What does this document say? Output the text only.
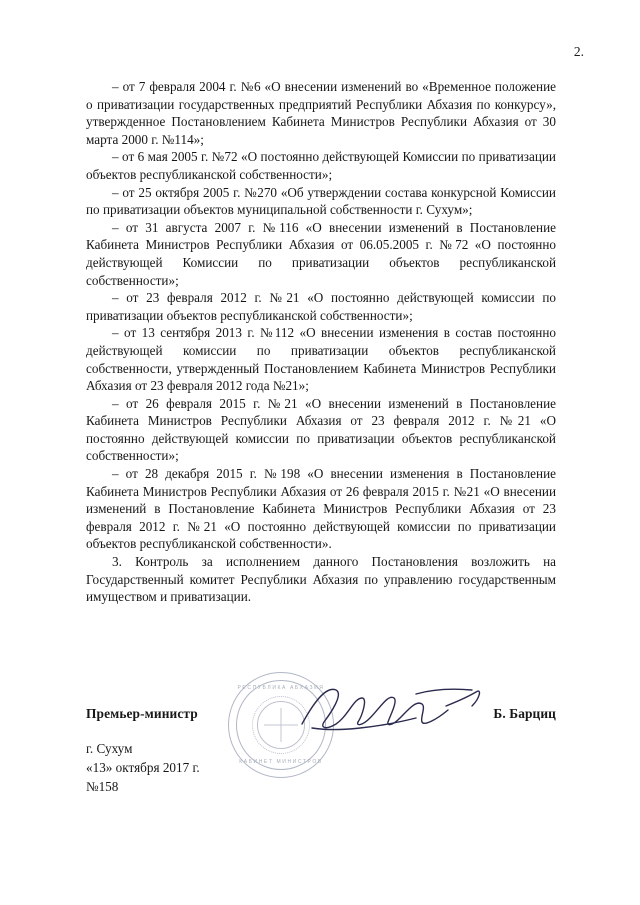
2.

– от 7 февраля 2004 г. №6 «О внесении изменений во «Временное положение о приватизации государственных предприятий Республики Абхазия по конкурсу», утвержденное Постановлением Кабинета Министров Республики Абхазия от 30 марта 2000 г. №114»;

– от 6 мая 2005 г. №72 «О постоянно действующей Комиссии по приватизации объектов республиканской собственности»;

– от 25 октября 2005 г. №270 «Об утверждении состава конкурсной Комиссии по приватизации объектов муниципальной собственности г. Сухум»;

– от 31 августа 2007 г. №116 «О внесении изменений в Постановление Кабинета Министров Республики Абхазия от 06.05.2005 г. №72 «О постоянно действующей Комиссии по приватизации объектов республиканской собственности»;

– от 23 февраля 2012 г. №21 «О постоянно действующей комиссии по приватизации объектов республиканской собственности»;

– от 13 сентября 2013 г. №112 «О внесении изменения в состав постоянно действующей комиссии по приватизации объектов республиканской собственности, утвержденный Постановлением Кабинета Министров Республики Абхазия от 23 февраля 2012 года №21»;

– от 26 февраля 2015 г. №21 «О внесении изменений в Постановление Кабинета Министров Республики Абхазия от 23 февраля 2012 г. №21 «О постоянно действующей комиссии по приватизации объектов республиканской собственности»;

– от 28 декабря 2015 г. №198 «О внесении изменения в Постановление Кабинета Министров Республики Абхазия от 26 февраля 2015 г. №21 «О внесении изменений в Постановление Кабинета Министров Республики Абхазия от 23 февраля 2012 г. №21 «О постоянно действующей комиссии по приватизации объектов республиканской собственности».

3. Контроль за исполнением данного Постановления возложить на Государственный комитет Республики Абхазия по управлению государственным имуществом и приватизации.

РЕСПУБЛИКА АБХАЗИЯ
КАБИНЕТ МИНИСТРОВ
Премьер-министр	Б. Барциц
г. Сухум
«13» октября 2017 г.
№158
